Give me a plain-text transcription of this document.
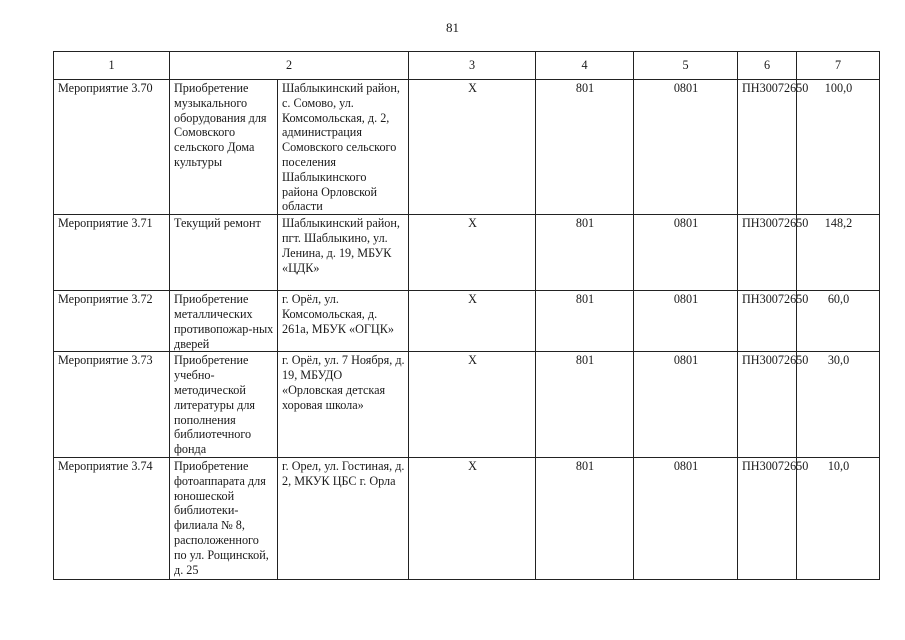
81
1	2		3	4	5	6	7
Мероприятие 3.70	Приобретение музыкального оборудования для Сомовского сельского Дома культуры	Шаблыкинский район, с. Сомово, ул. Комсомольская, д. 2, администрация Сомовского сельского поселения Шаблыкинского района Орловской области	Х	801	0801	ПН30072650	100,0
Мероприятие 3.71	Текущий ремонт	Шаблыкинский район, пгт. Шаблыкино, ул. Ленина, д. 19, МБУК «ЦДК»	Х	801	0801	ПН30072650	148,2
Мероприятие 3.72	Приобретение металлических противопожар-ных дверей	г. Орёл, ул. Комсомольская, д. 261а, МБУК «ОГЦК»	Х	801	0801	ПН30072650	60,0
Мероприятие 3.73	Приобретение учебно-методической литературы для пополнения библиотечного фонда	г. Орёл, ул. 7 Ноября, д. 19, МБУДО «Орловская детская хоровая школа»	Х	801	0801	ПН30072650	30,0
Мероприятие 3.74	Приобретение фотоаппарата для юношеской библиотеки-филиала № 8, расположенного по ул. Рощинской, д. 25	г. Орел, ул. Гостиная, д. 2, МКУК ЦБС г. Орла	Х	801	0801	ПН30072650	10,0
